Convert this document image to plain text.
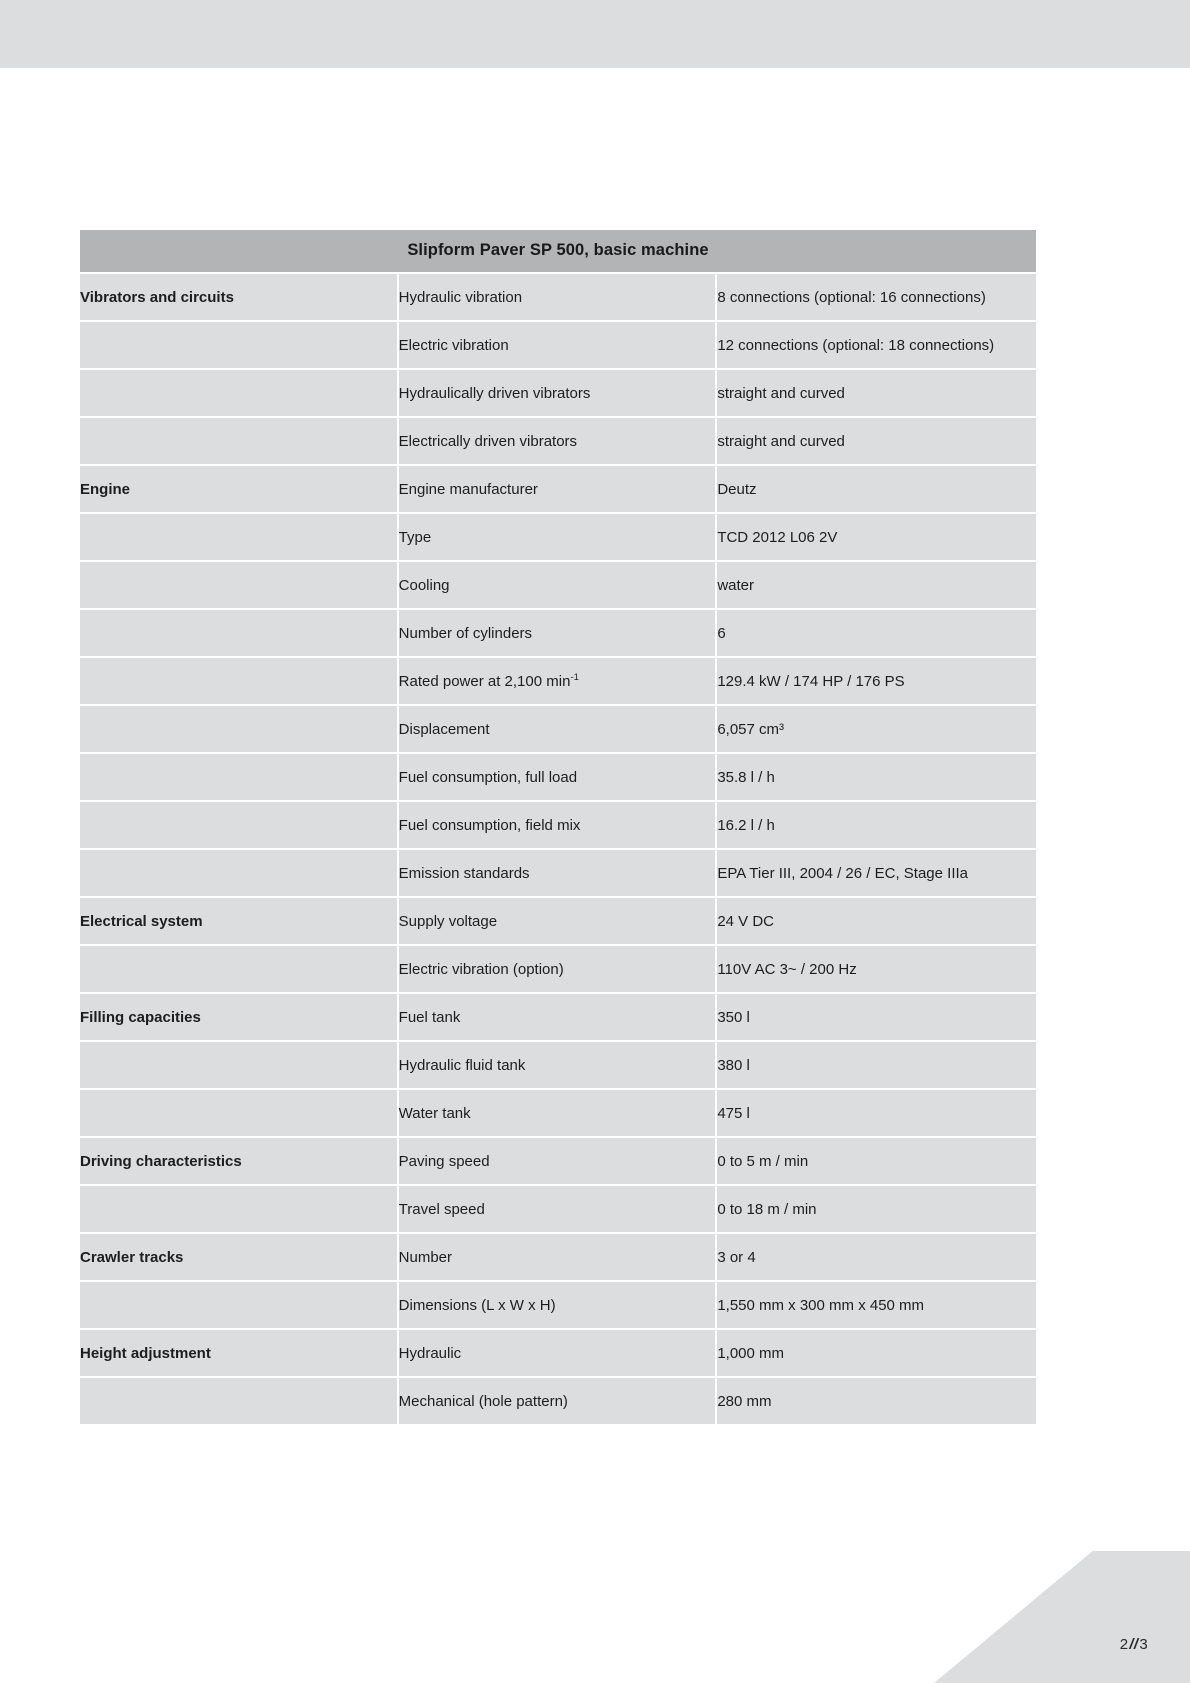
Slipform Paver SP 500, basic machine		
Vibrators and circuits	Hydraulic vibration	8 connections (optional: 16 connections)
	Electric vibration	12 connections (optional: 18 connections)
	Hydraulically driven vibrators	straight and curved
	Electrically driven vibrators	straight and curved
Engine	Engine manufacturer	Deutz
	Type	TCD 2012 L06 2V
	Cooling	water
	Number of cylinders	6
	Rated power at 2,100 $\min^{-1}$	129.4 kW / 174 HP / 176 PS
	Displacement	6,057 cm³
	Fuel consumption, full load	35.8 l / h
	Fuel consumption, field mix	16.2 l / h
	Emission standards	EPA Tier III, 2004 / 26 / EC, Stage IIIa
Electrical system	Supply voltage	24 V DC
	Electric vibration (option)	110V AC 3~ / 200 Hz
Filling capacities	Fuel tank	350 l
	Hydraulic fluid tank	380 l
	Water tank	475 l
Driving characteristics	Paving speed	0 to 5 m / min
	Travel speed	0 to 18 m / min
Crawler tracks	Number	3 or 4
	Dimensions (L x W x H)	1,550 mm x 300 mm x 450 mm
Height adjustment	Hydraulic	1,000 mm
	Mechanical (hole pattern)	280 mm
2//3
